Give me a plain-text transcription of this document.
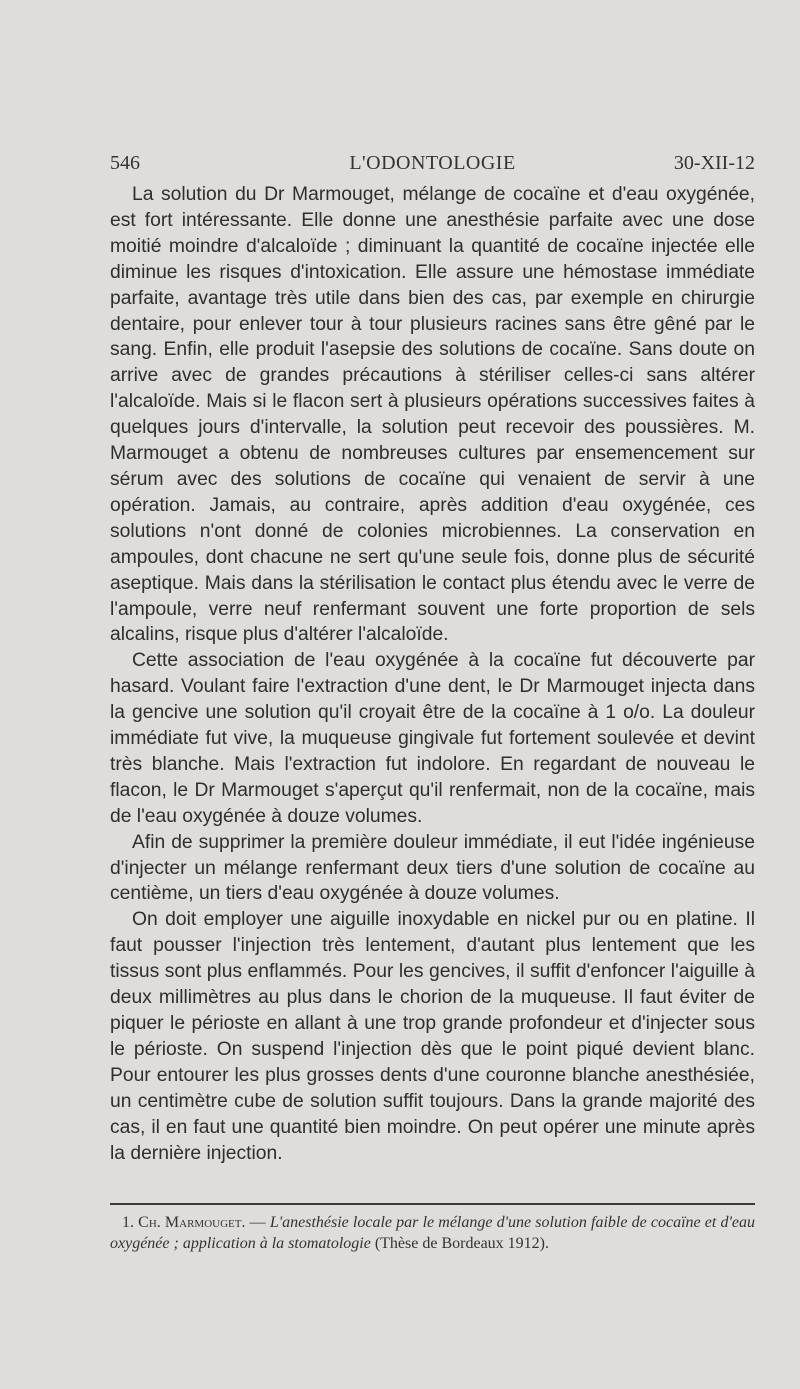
546	L'ODONTOLOGIE	30-XII-12

La solution du Dr Marmouget, mélange de cocaïne et d'eau oxygénée, est fort intéressante. Elle donne une anesthésie parfaite avec une dose moitié moindre d'alcaloïde ; diminuant la quantité de cocaïne injectée elle diminue les risques d'intoxication. Elle assure une hémostase immédiate parfaite, avantage très utile dans bien des cas, par exemple en chirurgie dentaire, pour enlever tour à tour plusieurs racines sans être gêné par le sang. Enfin, elle produit l'asepsie des solutions de cocaïne. Sans doute on arrive avec de grandes précautions à stériliser celles-ci sans altérer l'alcaloïde. Mais si le flacon sert à plusieurs opérations successives faites à quelques jours d'intervalle, la solution peut recevoir des poussières. M. Marmouget a obtenu de nombreuses cultures par ensemencement sur sérum avec des solutions de cocaïne qui venaient de servir à une opération. Jamais, au contraire, après addition d'eau oxygénée, ces solutions n'ont donné de colonies microbiennes. La conservation en ampoules, dont chacune ne sert qu'une seule fois, donne plus de sécurité aseptique. Mais dans la stérilisation le contact plus étendu avec le verre de l'ampoule, verre neuf renfermant souvent une forte proportion de sels alcalins, risque plus d'altérer l'alcaloïde.

Cette association de l'eau oxygénée à la cocaïne fut découverte par hasard. Voulant faire l'extraction d'une dent, le Dr Marmouget injecta dans la gencive une solution qu'il croyait être de la cocaïne à 1 o/o. La douleur immédiate fut vive, la muqueuse gingivale fut fortement soulevée et devint très blanche. Mais l'extraction fut indolore. En regardant de nouveau le flacon, le Dr Marmouget s'aperçut qu'il renfermait, non de la cocaïne, mais de l'eau oxygénée à douze volumes.

Afin de supprimer la première douleur immédiate, il eut l'idée ingénieuse d'injecter un mélange renfermant deux tiers d'une solution de cocaïne au centième, un tiers d'eau oxygénée à douze volumes.

On doit employer une aiguille inoxydable en nickel pur ou en platine. Il faut pousser l'injection très lentement, d'autant plus lentement que les tissus sont plus enflammés. Pour les gencives, il suffit d'enfoncer l'aiguille à deux millimètres au plus dans le chorion de la muqueuse. Il faut éviter de piquer le périoste en allant à une trop grande profondeur et d'injecter sous le périoste. On suspend l'injection dès que le point piqué devient blanc. Pour entourer les plus grosses dents d'une couronne blanche anesthésiée, un centimètre cube de solution suffit toujours. Dans la grande majorité des cas, il en faut une quantité bien moindre. On peut opérer une minute après la dernière injection.

1. Ch. Marmouget. — L'anesthésie locale par le mélange d'une solution faible de cocaïne et d'eau oxygénée ; application à la stomatologie (Thèse de Bordeaux 1912).
